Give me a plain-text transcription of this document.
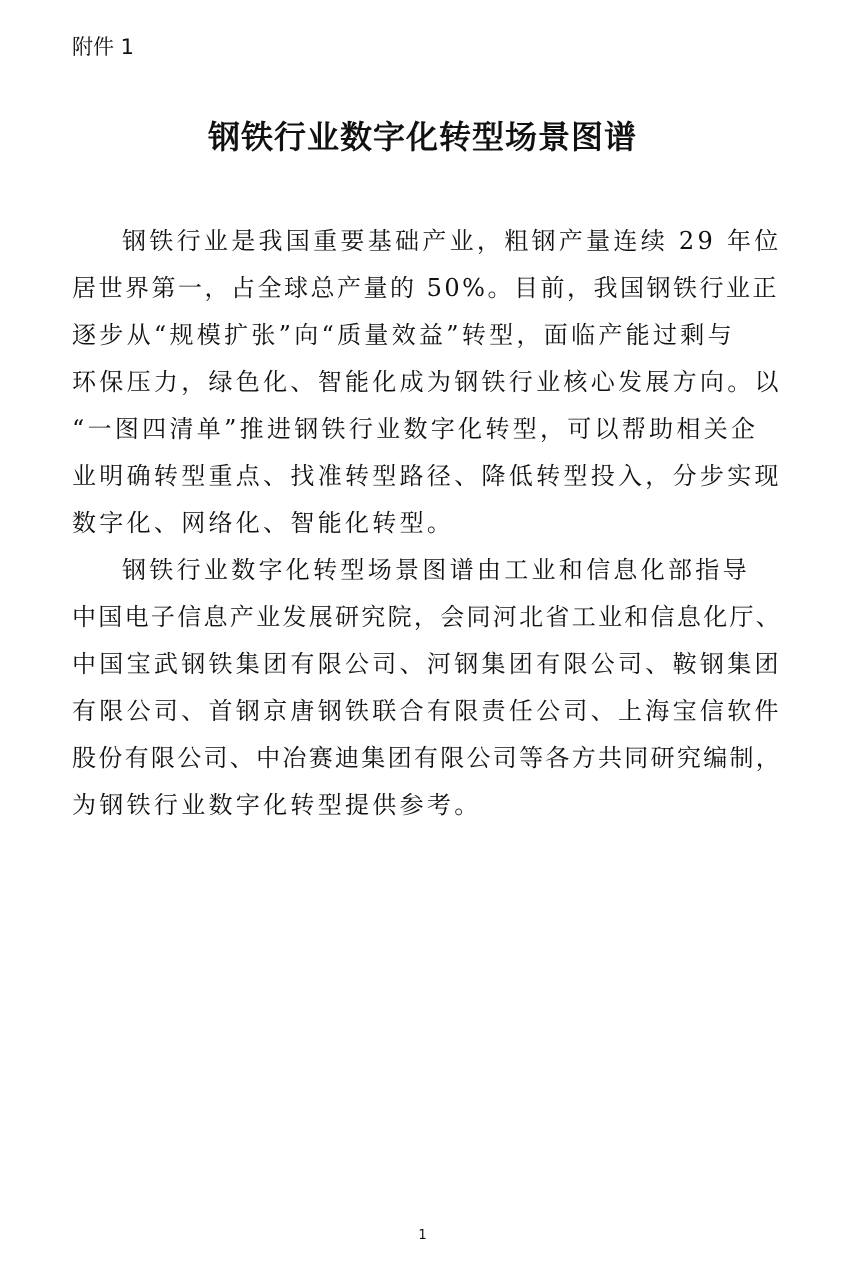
附件 1
钢铁行业数字化转型场景图谱
钢铁行业是我国重要基础产业，粗钢产量连续 29 年位
居世界第一，占全球总产量的 50%。目前，我国钢铁行业正
逐步从“规模扩张”向“质量效益”转型，面临产能过剩与
环保压力，绿色化、智能化成为钢铁行业核心发展方向。以
“一图四清单”推进钢铁行业数字化转型，可以帮助相关企
业明确转型重点、找准转型路径、降低转型投入，分步实现
数字化、网络化、智能化转型。
钢铁行业数字化转型场景图谱由工业和信息化部指导
中国电子信息产业发展研究院，会同河北省工业和信息化厅、
中国宝武钢铁集团有限公司、河钢集团有限公司、鞍钢集团
有限公司、首钢京唐钢铁联合有限责任公司、上海宝信软件
股份有限公司、中冶赛迪集团有限公司等各方共同研究编制，
为钢铁行业数字化转型提供参考。
1
